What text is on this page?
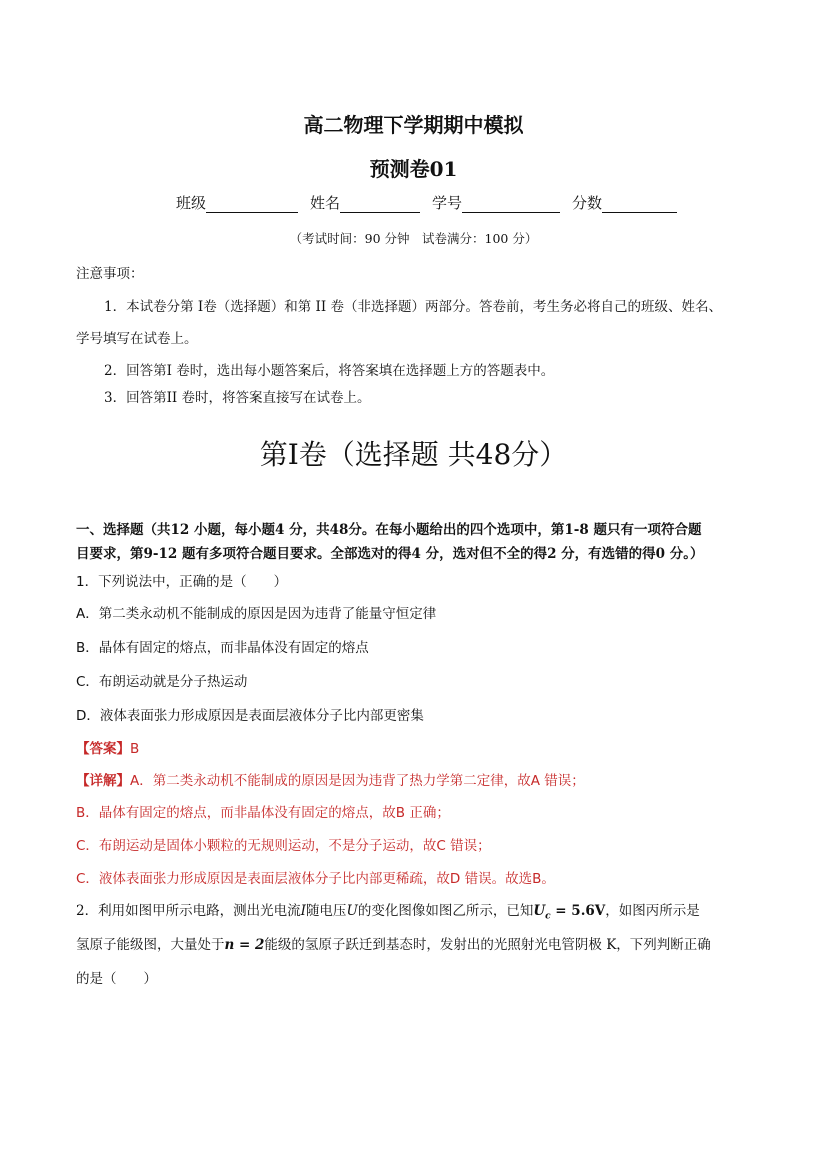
高二物理下学期期中模拟
预测卷01
班级	姓名	学号	分数
（考试时间：90 分钟　试卷满分：100 分）
注意事项：
1．本试卷分第 I卷（选择题）和第 II 卷（非选择题）两部分。答卷前，考生务必将自己的班级、姓名、
学号填写在试卷上。
2．回答第I 卷时，选出每小题答案后，将答案填在选择题上方的答题表中。
3．回答第II 卷时，将答案直接写在试卷上。
第Ⅰ卷（选择题 共48分）
一、选择题（共12 小题，每小题4 分，共48分。在每小题给出的四个选项中，第1-8 题只有一项符合题
目要求，第9-12 题有多项符合题目要求。全部选对的得4 分，选对但不全的得2 分，有选错的得0 分。）
1．下列说法中，正确的是（　　）
A．第二类永动机不能制成的原因是因为违背了能量守恒定律
B．晶体有固定的熔点，而非晶体没有固定的熔点
C．布朗运动就是分子热运动
D．液体表面张力形成原因是表面层液体分子比内部更密集
【答案】B
【详解】A．第二类永动机不能制成的原因是因为违背了热力学第二定律，故A 错误；
B．晶体有固定的熔点，而非晶体没有固定的熔点，故B 正确；
C．布朗运动是固体小颗粒的无规则运动，不是分子运动，故C 错误；
C．液体表面张力形成原因是表面层液体分子比内部更稀疏，故D 错误。故选B。
2．利用如图甲所示电路，测出光电流I随电压U的变化图像如图乙所示，已知$U_c = 5.6V$，如图丙所示是
氢原子能级图，大量处于n = 2能级的氢原子跃迁到基态时，发射出的光照射光电管阴极 K，下列判断正确
的是（　　）
